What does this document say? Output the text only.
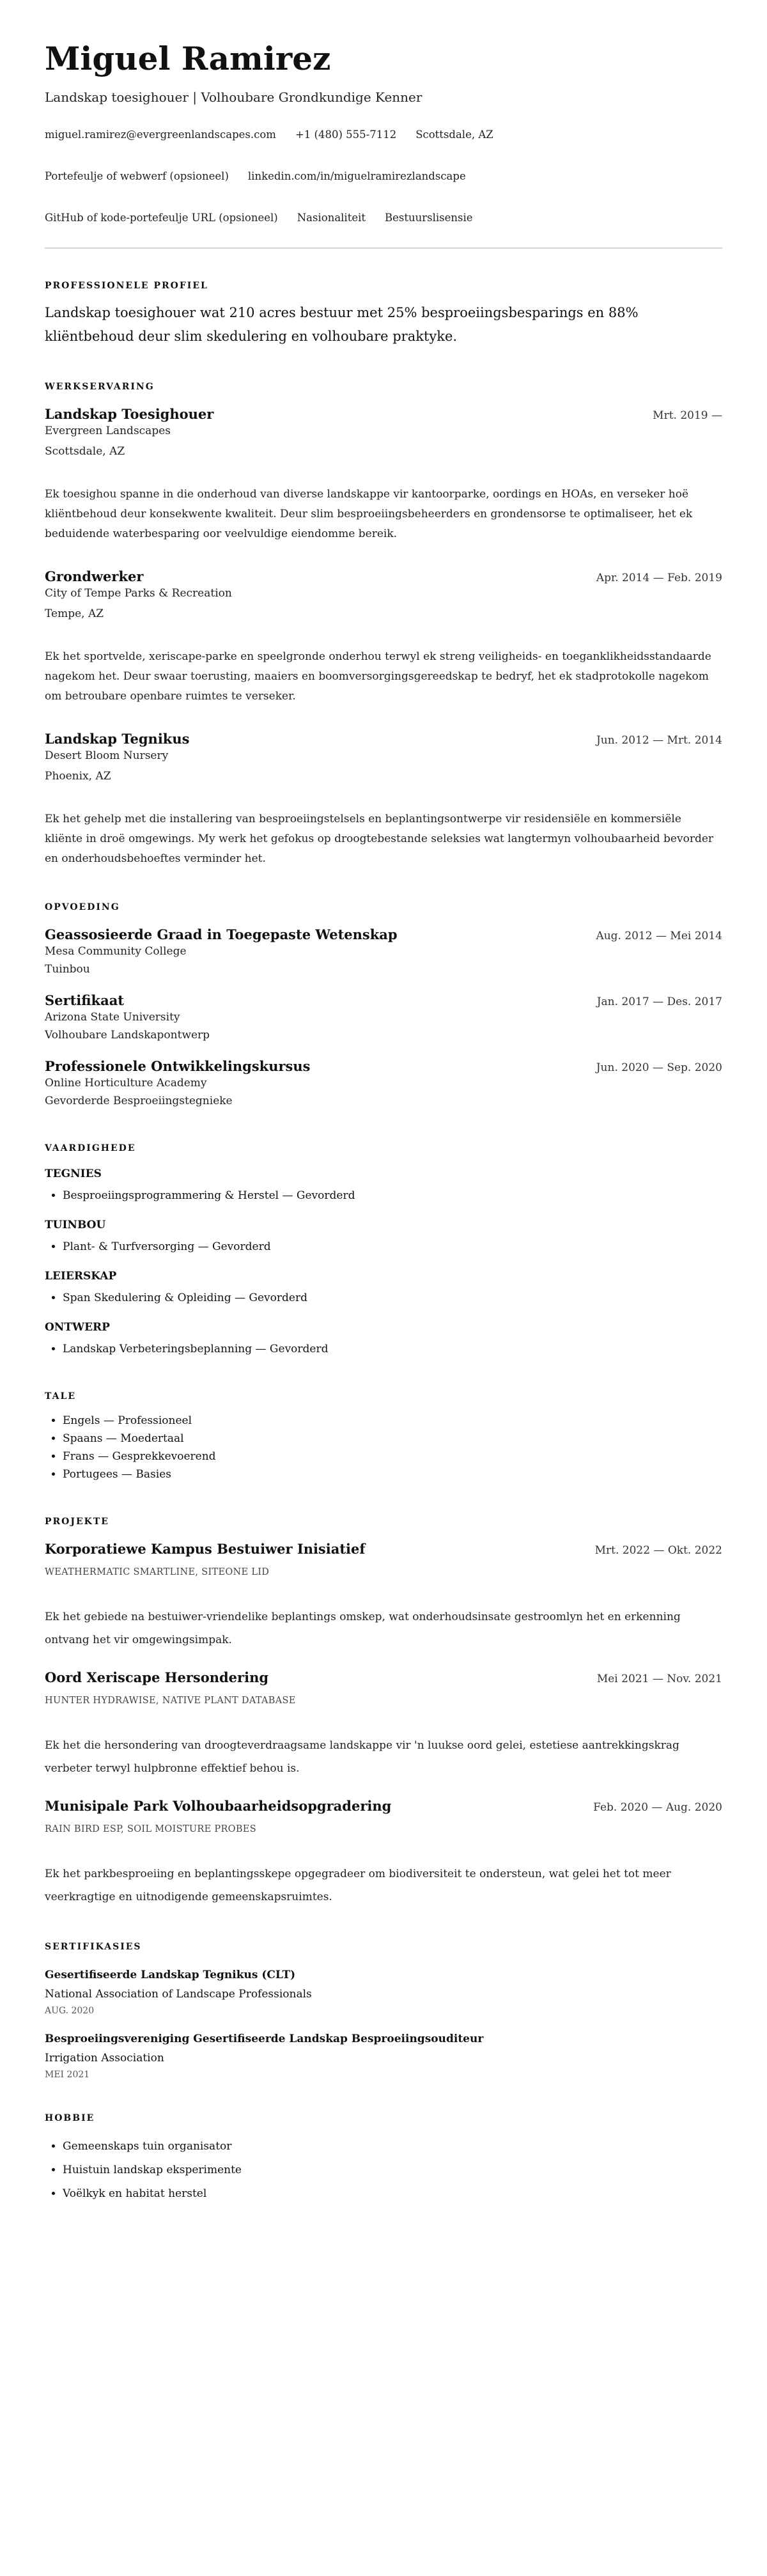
Miguel Ramirez
Landskap toesighouer | Volhoubare Grondkundige Kenner
miguel.ramirez@evergreenlandscapes.com +1 (480) 555-7112 Scottsdale, AZ
Portefeulje of webwerf (opsioneel) linkedin.com/in/miguelramirezlandscape
GitHub of kode-portefeulje URL (opsioneel) Nasionaliteit Bestuurslisensie
PROFESSIONELE PROFIEL

Landskap toesighouer wat 210 acres bestuur met 25% besproeiingsbesparings en 88% kliëntbehoud deur slim skedulering en volhoubare praktyke.

WERKSERVARING
Landskap Toesighouer	Mrt. 2019 —
Evergreen Landscapes
Scottsdale, AZ
Ek toesighou spanne in die onderhoud van diverse landskappe vir kantoorparke, oordings en HOAs, en verseker hoë kliëntbehoud deur konsekwente kwaliteit. Deur slim besproeiingsbeheerders en grondensorse te optimaliseer, het ek beduidende waterbesparing oor veelvuldige eiendomme bereik.
Grondwerker	Apr. 2014 — Feb. 2019
City of Tempe Parks & Recreation
Tempe, AZ
Ek het sportvelde, xeriscape-parke en speelgronde onderhou terwyl ek streng veiligheids- en toeganklikheidsstandaarde nagekom het. Deur swaar toerusting, maaiers en boomversorgingsgereedskap te bedryf, het ek stadprotokolle nagekom om betroubare openbare ruimtes te verseker.
Landskap Tegnikus	Jun. 2012 — Mrt. 2014
Desert Bloom Nursery
Phoenix, AZ
Ek het gehelp met die installering van besproeiingstelsels en beplantingsontwerpe vir residensiële en kommersiële kliënte in droë omgewings. My werk het gefokus op droogtebestande seleksies wat langtermyn volhoubaarheid bevorder en onderhoudsbehoeftes verminder het.
OPVOEDING
Geassosieerde Graad in Toegepaste Wetenskap	Aug. 2012 — Mei 2014
Mesa Community College
Tuinbou
Sertifikaat	Jan. 2017 — Des. 2017
Arizona State University
Volhoubare Landskapontwerp
Professionele Ontwikkelingskursus	Jun. 2020 — Sep. 2020
Online Horticulture Academy
Gevorderde Besproeiingstegnieke
VAARDIGHEDE
TEGNIES
• Besproeiingsprogrammering & Herstel — Gevorderd
TUINBOU
• Plant- & Turfversorging — Gevorderd
LEIERSKAP
• Span Skedulering & Opleiding — Gevorderd
ONTWERP
• Landskap Verbeteringsbeplanning — Gevorderd
TALE
• Engels — Professioneel
• Spaans — Moedertaal
• Frans — Gesprekkevoerend
• Portugees — Basies
PROJEKTE
Korporatiewe Kampus Bestuiwer Inisiatief	Mrt. 2022 — Okt. 2022
WEATHERMATIC SMARTLINE, SITEONE LID
Ek het gebiede na bestuiwer-vriendelike beplantings omskep, wat onderhoudsinsate gestroomlyn het en erkenning ontvang het vir omgewingsimpak.
Oord Xeriscape Hersondering	Mei 2021 — Nov. 2021
HUNTER HYDRAWISE, NATIVE PLANT DATABASE
Ek het die hersondering van droogteverdraagsame landskappe vir 'n luukse oord gelei, estetiese aantrekkingskrag verbeter terwyl hulpbronne effektief behou is.
Munisipale Park Volhoubaarheidsopgradering	Feb. 2020 — Aug. 2020
RAIN BIRD ESP, SOIL MOISTURE PROBES
Ek het parkbesproeiing en beplantingsskepe opgegradeer om biodiversiteit te ondersteun, wat gelei het tot meer veerkragtige en uitnodigende gemeenskapsruimtes.
SERTIFIKASIES
Gesertifiseerde Landskap Tegnikus (CLT)
National Association of Landscape Professionals
AUG. 2020
Besproeiingsvereniging Gesertifiseerde Landskap Besproeiingsouditeur
Irrigation Association
MEI 2021
HOBBIE
• Gemeenskaps tuin organisator
• Huistuin landskap eksperimente
• Voëlkyk en habitat herstel
